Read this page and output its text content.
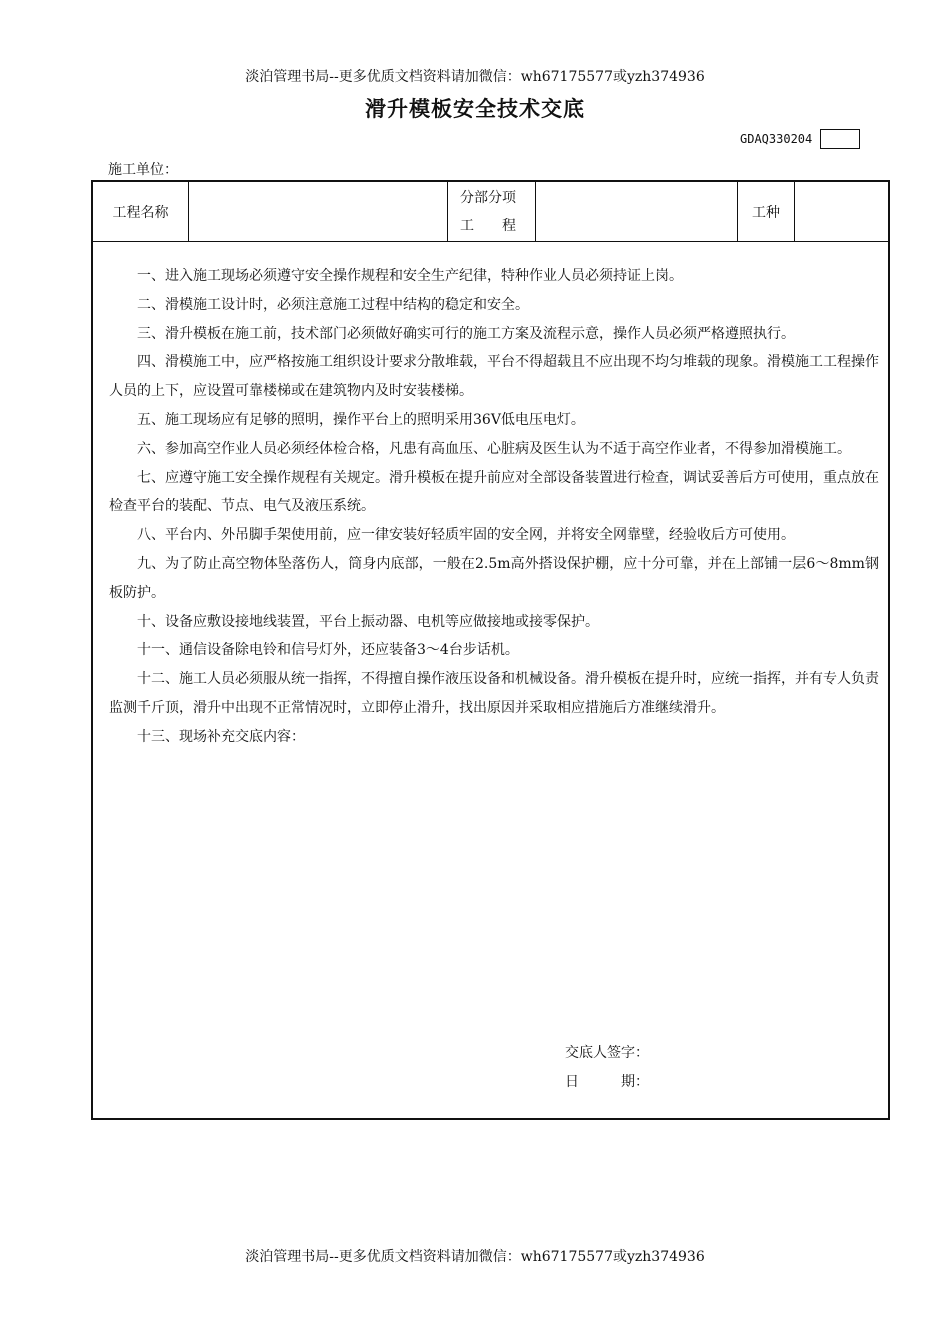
淡泊管理书局--更多优质文档资料请加微信：wh67175577或yzh374936
滑升模板安全技术交底
GDAQ330204
施工单位：
工程名称
分部分项
工　　程
工种

一、进入施工现场必须遵守安全操作规程和安全生产纪律，特种作业人员必须持证上岗。

二、滑模施工设计时，必须注意施工过程中结构的稳定和安全。

三、滑升模板在施工前，技术部门必须做好确实可行的施工方案及流程示意，操作人员必须严格遵照执行。

四、滑模施工中，应严格按施工组织设计要求分散堆载，平台不得超载且不应出现不均匀堆载的现象。滑模施工工程操作人员的上下，应设置可靠楼梯或在建筑物内及时安装楼梯。

五、施工现场应有足够的照明，操作平台上的照明采用36V低电压电灯。

六、参加高空作业人员必须经体检合格，凡患有高血压、心脏病及医生认为不适于高空作业者，不得参加滑模施工。

七、应遵守施工安全操作规程有关规定。滑升模板在提升前应对全部设备装置进行检查，调试妥善后方可使用，重点放在检查平台的装配、节点、电气及液压系统。

八、平台内、外吊脚手架使用前，应一律安装好轻质牢固的安全网，并将安全网靠壁，经验收后方可使用。

九、为了防止高空物体坠落伤人，筒身内底部，一般在2.5m高外搭设保护棚，应十分可靠，并在上部铺一层6～8mm钢板防护。

十、设备应敷设接地线装置，平台上振动器、电机等应做接地或接零保护。

十一、通信设备除电铃和信号灯外，还应装备3～4台步话机。

十二、施工人员必须服从统一指挥，不得擅自操作液压设备和机械设备。滑升模板在提升时，应统一指挥，并有专人负责监测千斤顶，滑升中出现不正常情况时，立即停止滑升，找出原因并采取相应措施后方准继续滑升。

十三、现场补充交底内容：

交底人签字：
日　　　期：
淡泊管理书局--更多优质文档资料请加微信：wh67175577或yzh374936
